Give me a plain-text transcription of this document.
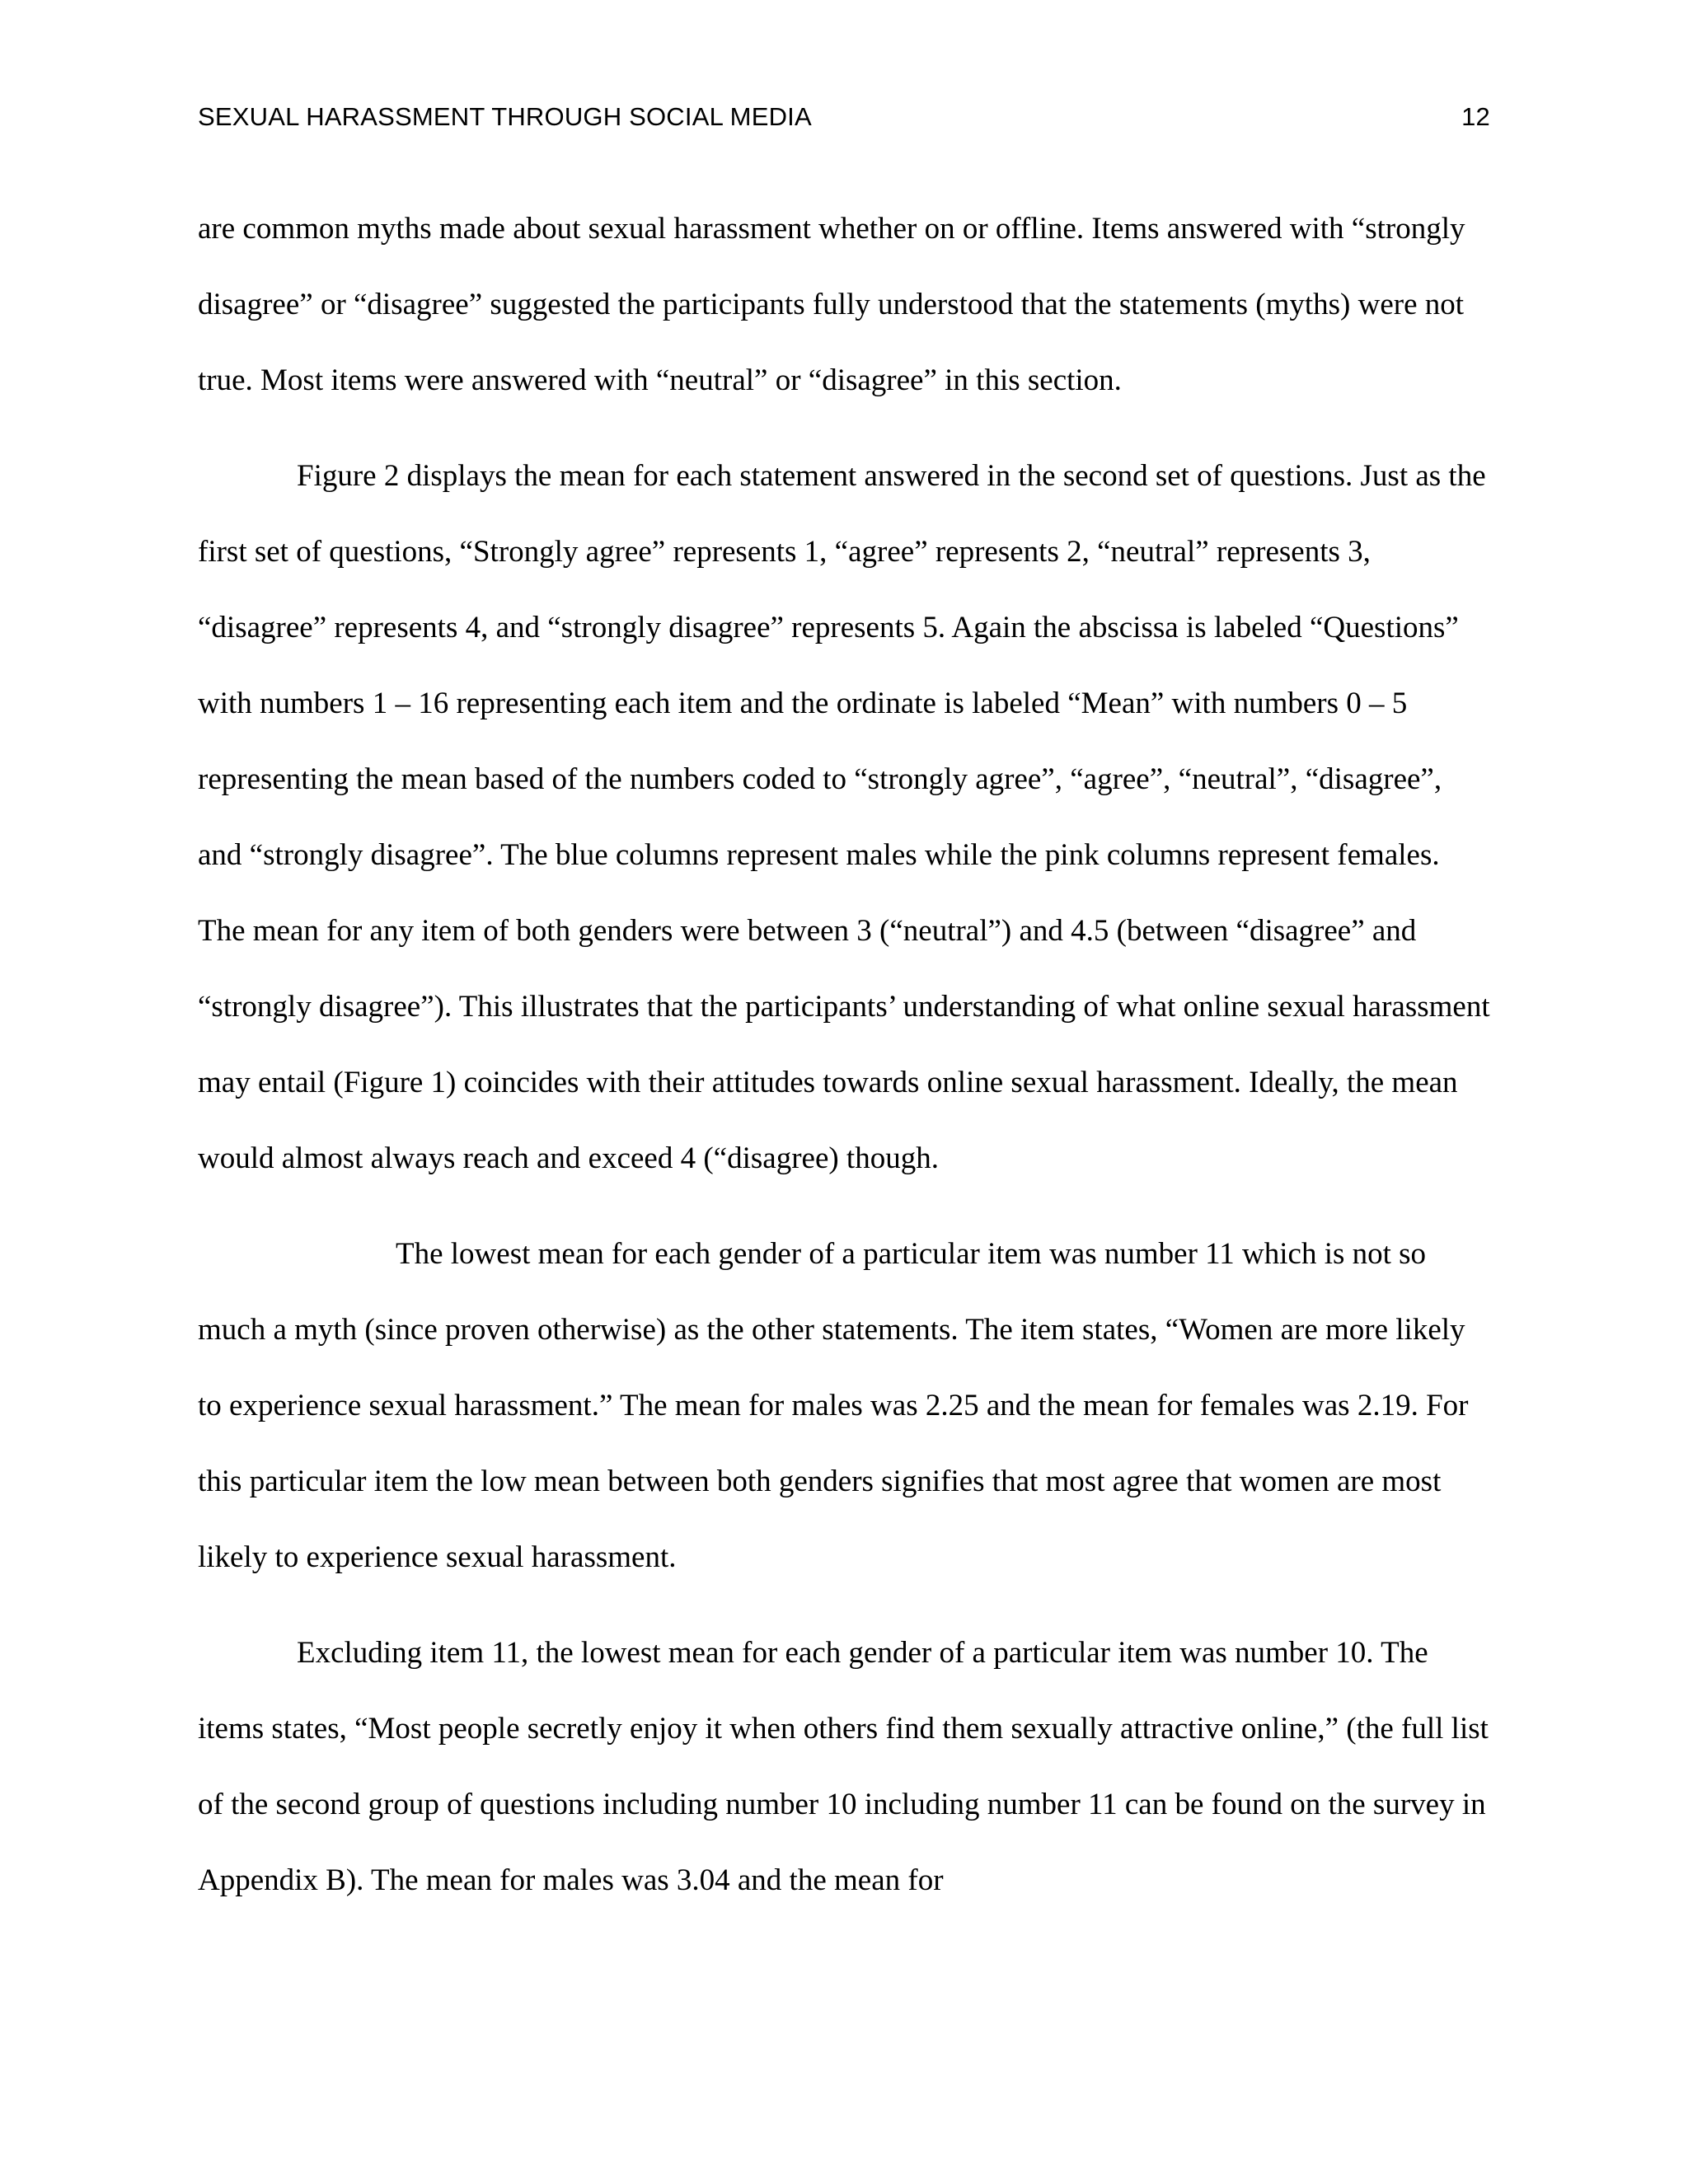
SEXUAL HARASSMENT THROUGH SOCIAL MEDIA	12

are common myths made about sexual harassment whether on or offline. Items answered with “strongly disagree” or “disagree” suggested the participants fully understood that the statements (myths) were not true. Most items were answered with “neutral” or “disagree” in this section.

Figure 2 displays the mean for each statement answered in the second set of questions. Just as the first set of questions, “Strongly agree” represents 1, “agree” represents 2, “neutral” represents 3, “disagree” represents 4, and “strongly disagree” represents 5. Again the abscissa is labeled “Questions” with numbers 1 – 16 representing each item and the ordinate is labeled “Mean” with numbers 0 – 5 representing the mean based of the numbers coded to “strongly agree”, “agree”, “neutral”, “disagree”, and “strongly disagree”. The blue columns represent males while the pink columns represent females. The mean for any item of both genders were between 3 (“neutral”) and 4.5 (between “disagree” and “strongly disagree”). This illustrates that the participants’ understanding of what online sexual harassment may entail (Figure 1) coincides with their attitudes towards online sexual harassment. Ideally, the mean would almost always reach and exceed 4 (“disagree) though.

The lowest mean for each gender of a particular item was number 11 which is not so much a myth (since proven otherwise) as the other statements. The item states, “Women are more likely to experience sexual harassment.” The mean for males was 2.25 and the mean for females was 2.19. For this particular item the low mean between both genders signifies that most agree that women are most likely to experience sexual harassment.

Excluding item 11, the lowest mean for each gender of a particular item was number 10. The items states, “Most people secretly enjoy it when others find them sexually attractive online,” (the full list of the second group of questions including number 10 including number 11 can be found on the survey in Appendix B). The mean for males was 3.04 and the mean for
